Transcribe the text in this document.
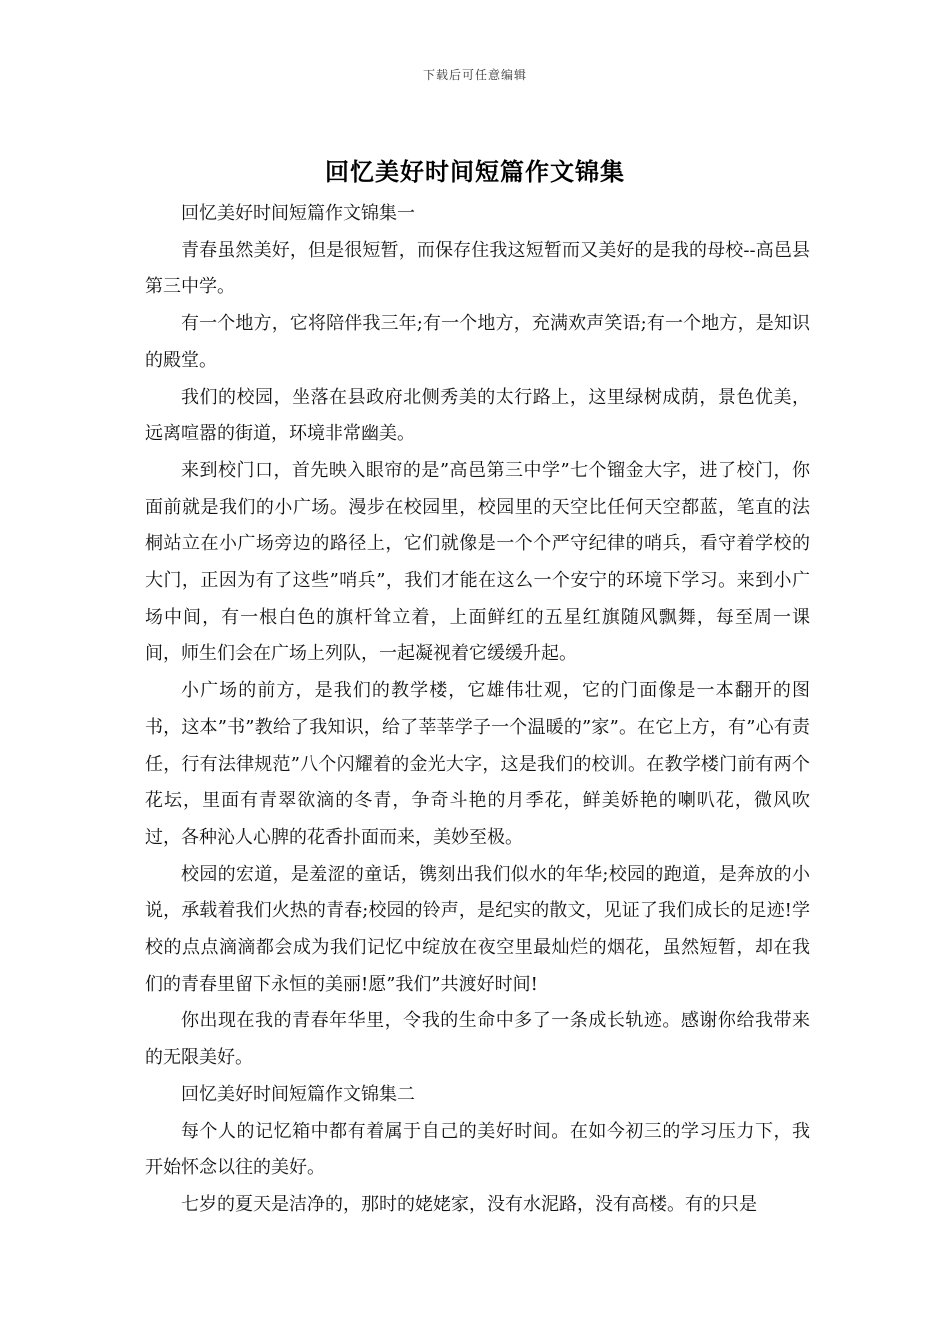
下载后可任意编辑
回忆美好时间短篇作文锦集

回忆美好时间短篇作文锦集一

青春虽然美好，但是很短暂，而保存住我这短暂而又美好的是我的母校--高邑县第三中学。

有一个地方，它将陪伴我三年;有一个地方，充满欢声笑语;有一个地方，是知识的殿堂。

我们的校园，坐落在县政府北侧秀美的太行路上，这里绿树成荫，景色优美，远离喧嚣的街道，环境非常幽美。

来到校门口，首先映入眼帘的是”高邑第三中学”七个镏金大字，进了校门，你面前就是我们的小广场。漫步在校园里，校园里的天空比任何天空都蓝，笔直的法桐站立在小广场旁边的路径上，它们就像是一个个严守纪律的哨兵，看守着学校的大门，正因为有了这些”哨兵”，我们才能在这么一个安宁的环境下学习。来到小广场中间，有一根白色的旗杆耸立着，上面鲜红的五星红旗随风飘舞，每至周一课间，师生们会在广场上列队，一起凝视着它缓缓升起。

小广场的前方，是我们的教学楼，它雄伟壮观，它的门面像是一本翻开的图书，这本”书”教给了我知识，给了莘莘学子一个温暖的”家”。在它上方，有”心有责任，行有法律规范”八个闪耀着的金光大字，这是我们的校训。在教学楼门前有两个花坛，里面有青翠欲滴的冬青，争奇斗艳的月季花，鲜美娇艳的喇叭花，微风吹过，各种沁人心脾的花香扑面而来，美妙至极。

校园的宏道，是羞涩的童话，镌刻出我们似水的年华;校园的跑道，是奔放的小说，承载着我们火热的青春;校园的铃声，是纪实的散文，见证了我们成长的足迹!学校的点点滴滴都会成为我们记忆中绽放在夜空里最灿烂的烟花，虽然短暂，却在我们的青春里留下永恒的美丽!愿”我们”共渡好时间!

你出现在我的青春年华里，令我的生命中多了一条成长轨迹。感谢你给我带来的无限美好。

回忆美好时间短篇作文锦集二

每个人的记忆箱中都有着属于自己的美好时间。在如今初三的学习压力下，我开始怀念以往的美好。

七岁的夏天是洁净的，那时的姥姥家，没有水泥路，没有高楼。有的只是
